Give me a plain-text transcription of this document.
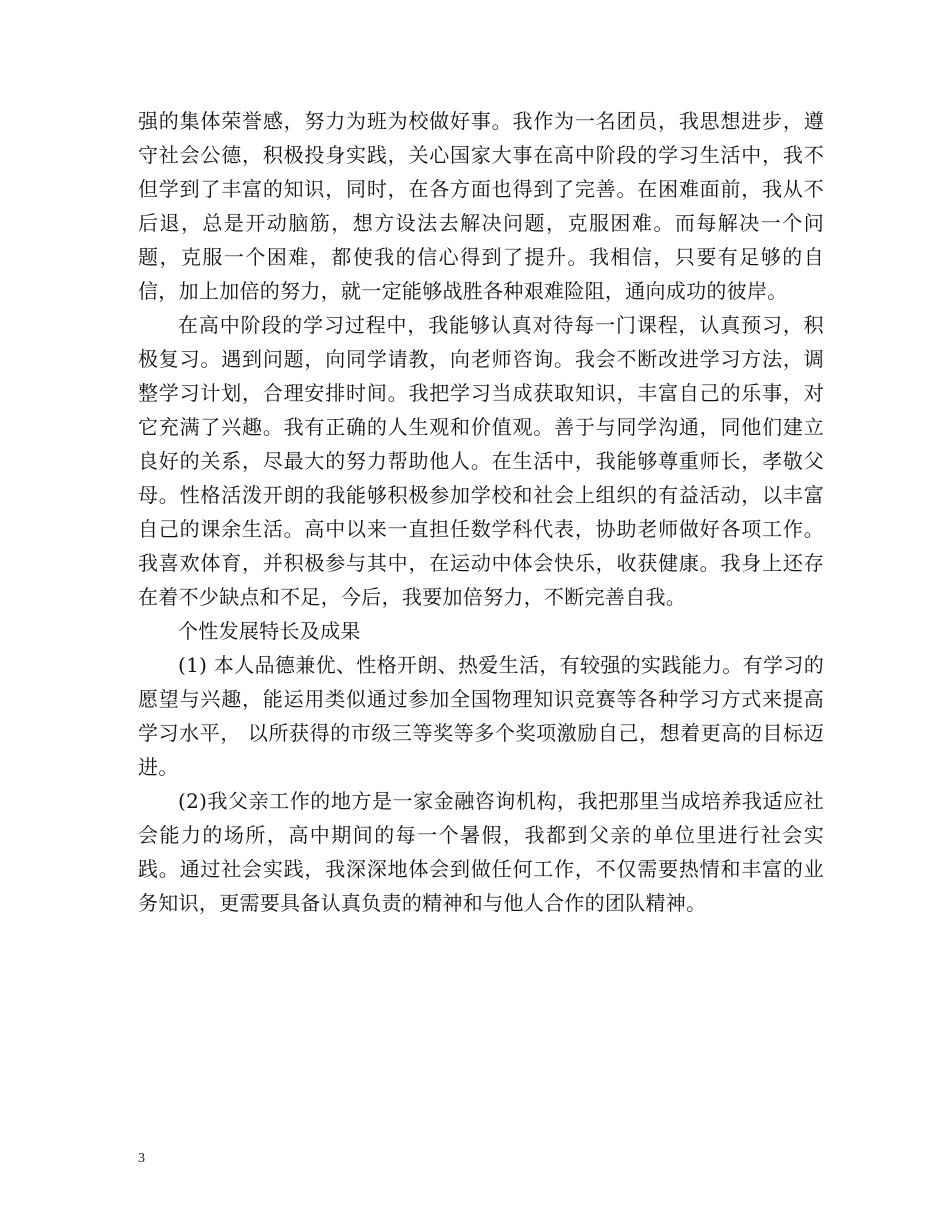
强的集体荣誉感，努力为班为校做好事。我作为一名团员，我思想进步，遵守社会公德，积极投身实践，关心国家大事在高中阶段的学习生活中，我不但学到了丰富的知识，同时，在各方面也得到了完善。在困难面前，我从不后退，总是开动脑筋，想方设法去解决问题，克服困难。而每解决一个问题，克服一个困难，都使我的信心得到了提升。我相信，只要有足够的自信，加上加倍的努力，就一定能够战胜各种艰难险阻，通向成功的彼岸。

在高中阶段的学习过程中，我能够认真对待每一门课程，认真预习，积极复习。遇到问题，向同学请教，向老师咨询。我会不断改进学习方法，调整学习计划，合理安排时间。我把学习当成获取知识，丰富自己的乐事，对它充满了兴趣。我有正确的人生观和价值观。善于与同学沟通，同他们建立良好的关系，尽最大的努力帮助他人。在生活中，我能够尊重师长，孝敬父母。性格活泼开朗的我能够积极参加学校和社会上组织的有益活动，以丰富自己的课余生活。高中以来一直担任数学科代表，协助老师做好各项工作。我喜欢体育，并积极参与其中，在运动中体会快乐，收获健康。我身上还存在着不少缺点和不足，今后，我要加倍努力，不断完善自我。

个性发展特长及成果

(1) 本人品德兼优、性格开朗、热爱生活，有较强的实践能力。有学习的愿望与兴趣，能运用类似通过参加全国物理知识竞赛等各种学习方式来提高学习水平， 以所获得的市级三等奖等多个奖项激励自己，想着更高的目标迈进。

(2)我父亲工作的地方是一家金融咨询机构，我把那里当成培养我适应社会能力的场所，高中期间的每一个暑假，我都到父亲的单位里进行社会实践。通过社会实践，我深深地体会到做任何工作，不仅需要热情和丰富的业务知识，更需要具备认真负责的精神和与他人合作的团队精神。

3
